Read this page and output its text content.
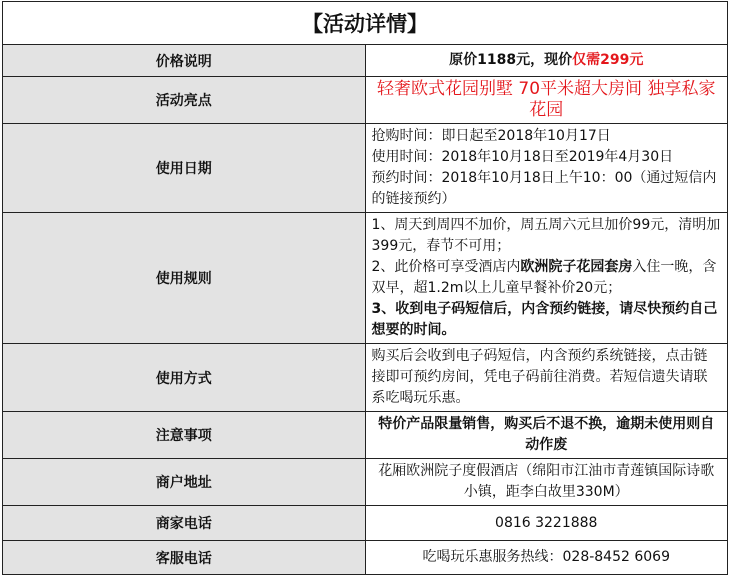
【活动详情】	
价格说明	原价1188元，现价仅需299元
活动亮点	轻奢欧式花园别墅 70平米超大房间 独享私家花园
使用日期	抢购时间：即日起至2018年10月17日
使用时间：2018年10月18日至2019年4月30日
预约时间：2018年10月18日上午10：00（通过短信内的链接预约）

使用规则	1、周天到周四不加价，周五周六元旦加价99元，清明加399元，春节不可用；
2、此价格可享受酒店内欧洲院子花园套房入住一晚，含双早，超1.2m以上儿童早餐补价20元；
3、收到电子码短信后，内含预约链接，请尽快预约自己想要的时间。

使用方式	购买后会收到电子码短信，内含预约系统链接，点击链接即可预约房间，凭电子码前往消费。若短信遗失请联系吃喝玩乐惠。
注意事项	特价产品限量销售，购买后不退不换，逾期未使用则自动作废
商户地址	花厢欧洲院子度假酒店（绵阳市江油市青莲镇国际诗歌小镇，距李白故里330M）
商家电话	0816 3221888
客服电话	吃喝玩乐惠服务热线：028-8452 6069
